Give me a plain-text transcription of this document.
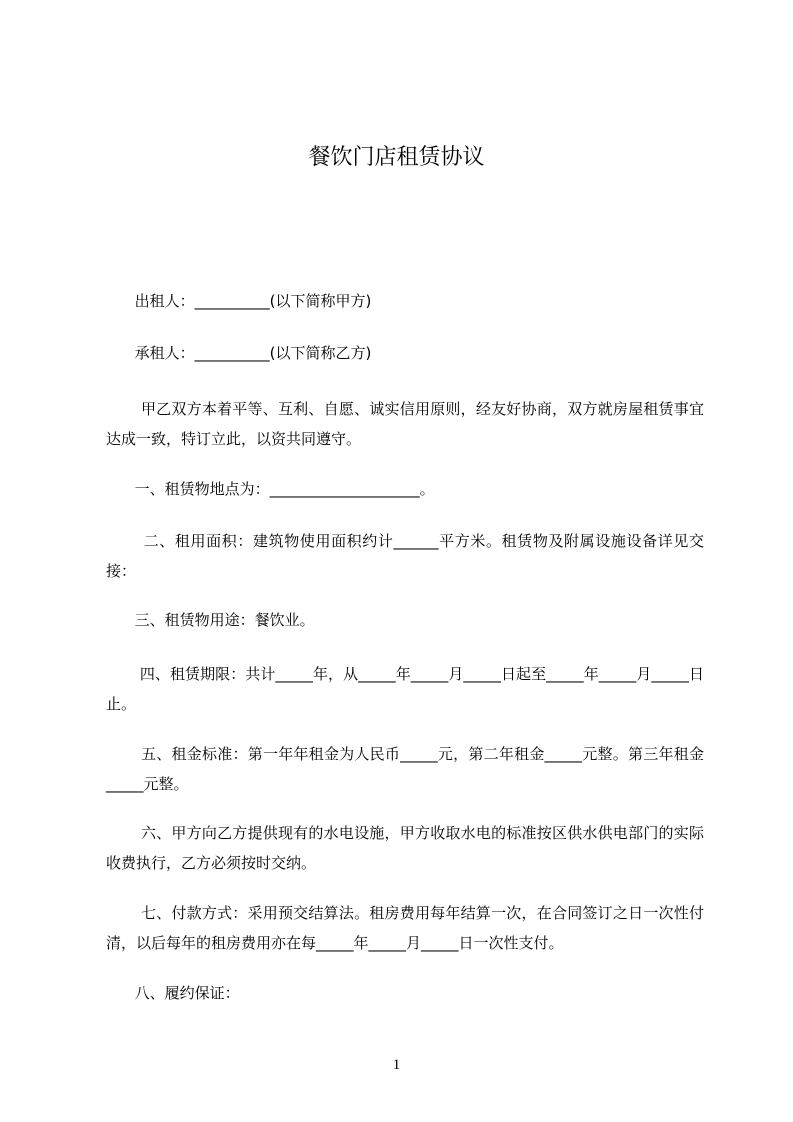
餐饮门店租赁协议

出租人：__________(以下简称甲方)

承租人：__________(以下简称乙方)

甲乙双方本着平等、互利、自愿、诚实信用原则，经友好协商，双方就房屋租赁事宜达成一致，特订立此，以资共同遵守。

一、租赁物地点为：____________________。

二、租用面积：建筑物使用面积约计______平方米。租赁物及附属设施设备详见交接：

三、租赁物用途：餐饮业。

四、租赁期限：共计_____年，从_____年_____月_____日起至_____年_____月_____日止。

五、租金标准：第一年年租金为人民币_____元，第二年租金_____元整。第三年租金_____元整。

六、甲方向乙方提供现有的水电设施，甲方收取水电的标准按区供水供电部门的实际收费执行，乙方必须按时交纳。

七、付款方式：采用预交结算法。租房费用每年结算一次，在合同签订之日一次性付清，以后每年的租房费用亦在每_____年_____月_____日一次性支付。

八、履约保证：

1
